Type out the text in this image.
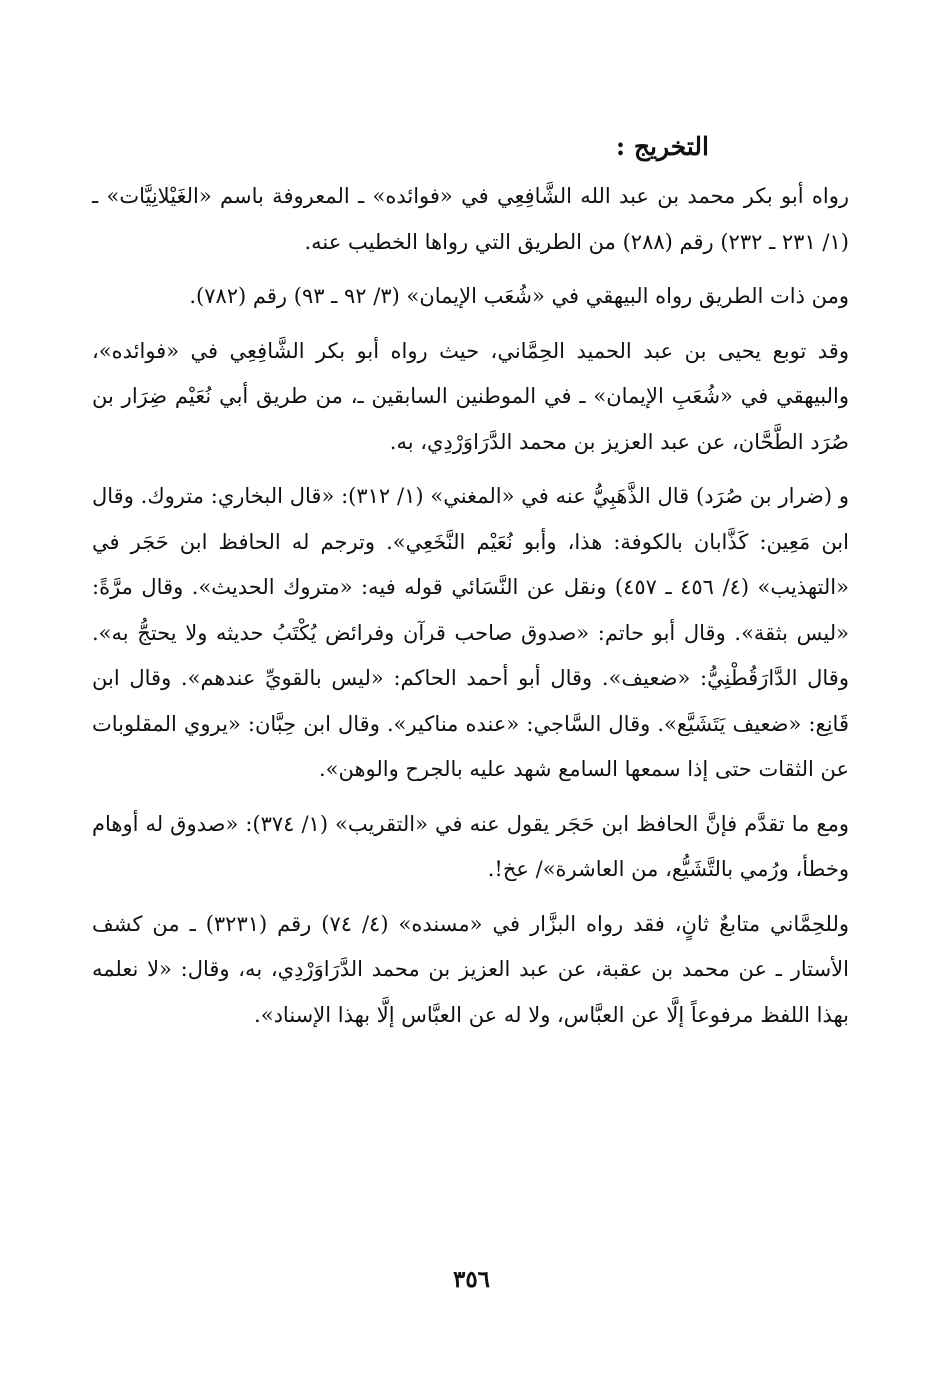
التخريج :

رواه أبو بكر محمد بن عبد الله الشَّافِعِي في «فوائده» ـ المعروفة باسم «الغَيْلانِيَّات» ـ (١/ ٢٣١ ـ ٢٣٢) رقم (٢٨٨) من الطريق التي رواها الخطيب عنه.

ومن ذات الطريق رواه البيهقي في «شُعَب الإيمان» (٣/ ٩٢ ـ ٩٣) رقم (٧٨٢).

وقد توبع يحيى بن عبد الحميد الحِمَّاني، حيث رواه أبو بكر الشَّافِعِي في «فوائده»، والبيهقي في «شُعَبِ الإيمان» ـ في الموطنين السابقين ـ، من طريق أبي نُعَيْم ضِرَار بن صُرَد الطَّحَّان، عن عبد العزيز بن محمد الدَّرَاوَرْدِي، به.

و (ضرار بن صُرَد) قال الذَّهَبِيُّ عنه في «المغني» (١/ ٣١٢): «قال البخاري: متروك. وقال ابن مَعِين: كَذَّابان بالكوفة: هذا، وأبو نُعَيْم النَّخَعِي». وترجم له الحافظ ابن حَجَر في «التهذيب» (٤/ ٤٥٦ ـ ٤٥٧) ونقل عن النَّسَائي قوله فيه: «متروك الحديث». وقال مرَّةً: «ليس بثقة». وقال أبو حاتم: «صدوق صاحب قرآن وفرائض يُكْتَبُ حديثه ولا يحتجُّ به». وقال الدَّارَقُطْنِيُّ: «ضعيف». وقال أبو أحمد الحاكم: «ليس بالقويِّ عندهم». وقال ابن قَانِع: «ضعيف يَتَشَيَّع». وقال السَّاجي: «عنده مناكير». وقال ابن حِبَّان: «يروي المقلوبات عن الثقات حتى إذا سمعها السامع شهد عليه بالجرح والوهن».

ومع ما تقدَّم فإنَّ الحافظ ابن حَجَر يقول عنه في «التقريب» (١/ ٣٧٤): «صدوق له أوهام وخطأ، ورُمي بالتَّشَيُّع، من العاشرة»/ عخ!.

وللحِمَّاني متابعٌ ثانٍ، فقد رواه البزَّار في «مسنده» (٤/ ٧٤) رقم (٣٢٣١) ـ من كشف الأستار ـ عن محمد بن عقبة، عن عبد العزيز بن محمد الدَّرَاوَرْدِي، به، وقال: «لا نعلمه بهذا اللفظ مرفوعاً إلَّا عن العبَّاس، ولا له عن العبَّاس إلَّا بهذا الإسناد».

٣٥٦
